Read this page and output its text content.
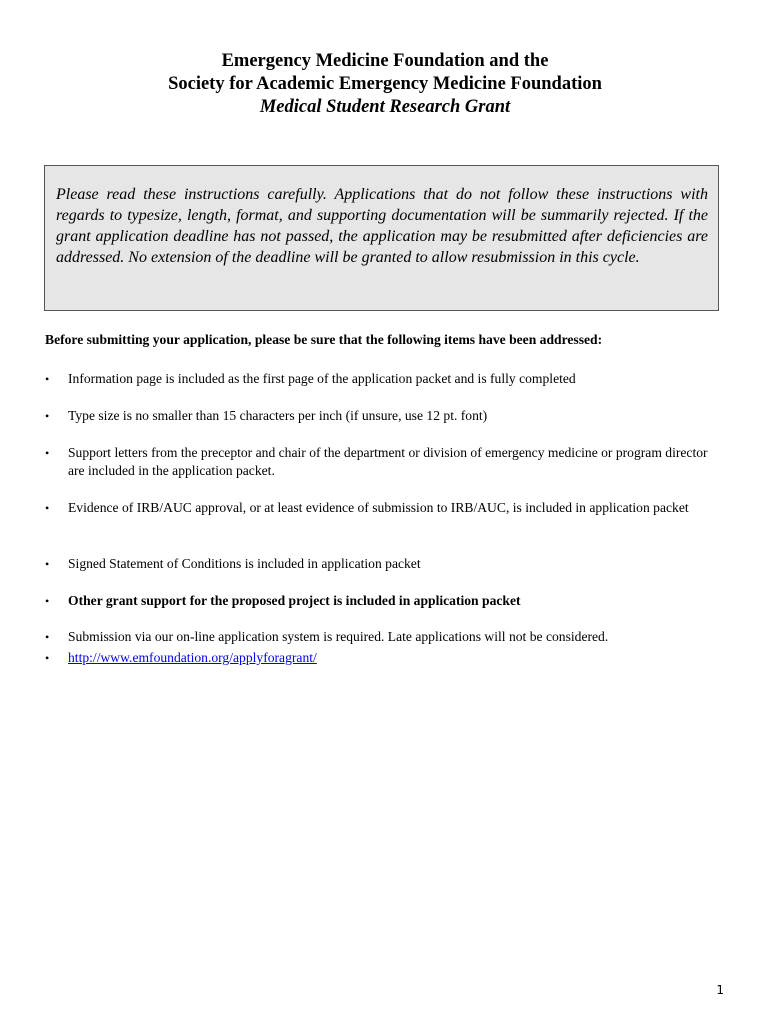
Emergency Medicine Foundation and the
Society for Academic Emergency Medicine Foundation
Medical Student Research Grant

Please read these instructions carefully. Applications that do not follow these instructions with regards to typesize, length, format, and supporting documentation will be summarily rejected. If the grant application deadline has not passed, the application may be resubmitted after deficiencies are addressed. No extension of the deadline will be granted to allow resubmission in this cycle.

Before submitting your application, please be sure that the following items have been addressed:
•	Information page is included as the first page of the application packet and is fully completed
•	Type size is no smaller than 15 characters per inch (if unsure, use 12 pt. font)
•	Support letters from the preceptor and chair of the department or division of emergency medicine or program director are included in the application packet.
•	Evidence of IRB/AUC approval, or at least evidence of submission to IRB/AUC, is included in application packet
•	Signed Statement of Conditions is included in application packet
•	Other grant support for the proposed project is included in application packet
•	Submission via our on-line application system is required. Late applications will not be considered.
•	http://www.emfoundation.org/applyforagrant/
1
